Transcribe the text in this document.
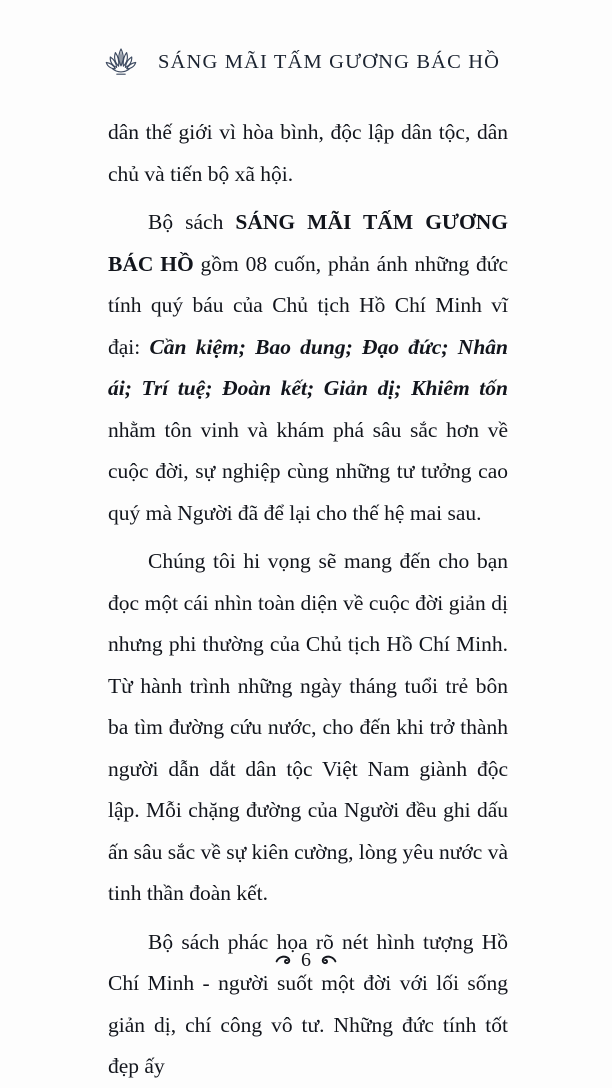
SÁNG MÃI TẤM GƯƠNG BÁC HỒ

dân thế giới vì hòa bình, độc lập dân tộc, dân chủ và tiến bộ xã hội.

Bộ sách SÁNG MÃI TẤM GƯƠNG BÁC HỒ gồm 08 cuốn, phản ánh những đức tính quý báu của Chủ tịch Hồ Chí Minh vĩ đại: Cần kiệm; Bao dung; Đạo đức; Nhân ái; Trí tuệ; Đoàn kết; Giản dị; Khiêm tốn nhằm tôn vinh và khám phá sâu sắc hơn về cuộc đời, sự nghiệp cùng những tư tưởng cao quý mà Người đã để lại cho thế hệ mai sau.

Chúng tôi hi vọng sẽ mang đến cho bạn đọc một cái nhìn toàn diện về cuộc đời giản dị nhưng phi thường của Chủ tịch Hồ Chí Minh. Từ hành trình những ngày tháng tuổi trẻ bôn ba tìm đường cứu nước, cho đến khi trở thành người dẫn dắt dân tộc Việt Nam giành độc lập. Mỗi chặng đường của Người đều ghi dấu ấn sâu sắc về sự kiên cường, lòng yêu nước và tinh thần đoàn kết.

Bộ sách phác họa rõ nét hình tượng Hồ Chí Minh - người suốt một đời với lối sống giản dị, chí công vô tư. Những đức tính tốt đẹp ấy

6
